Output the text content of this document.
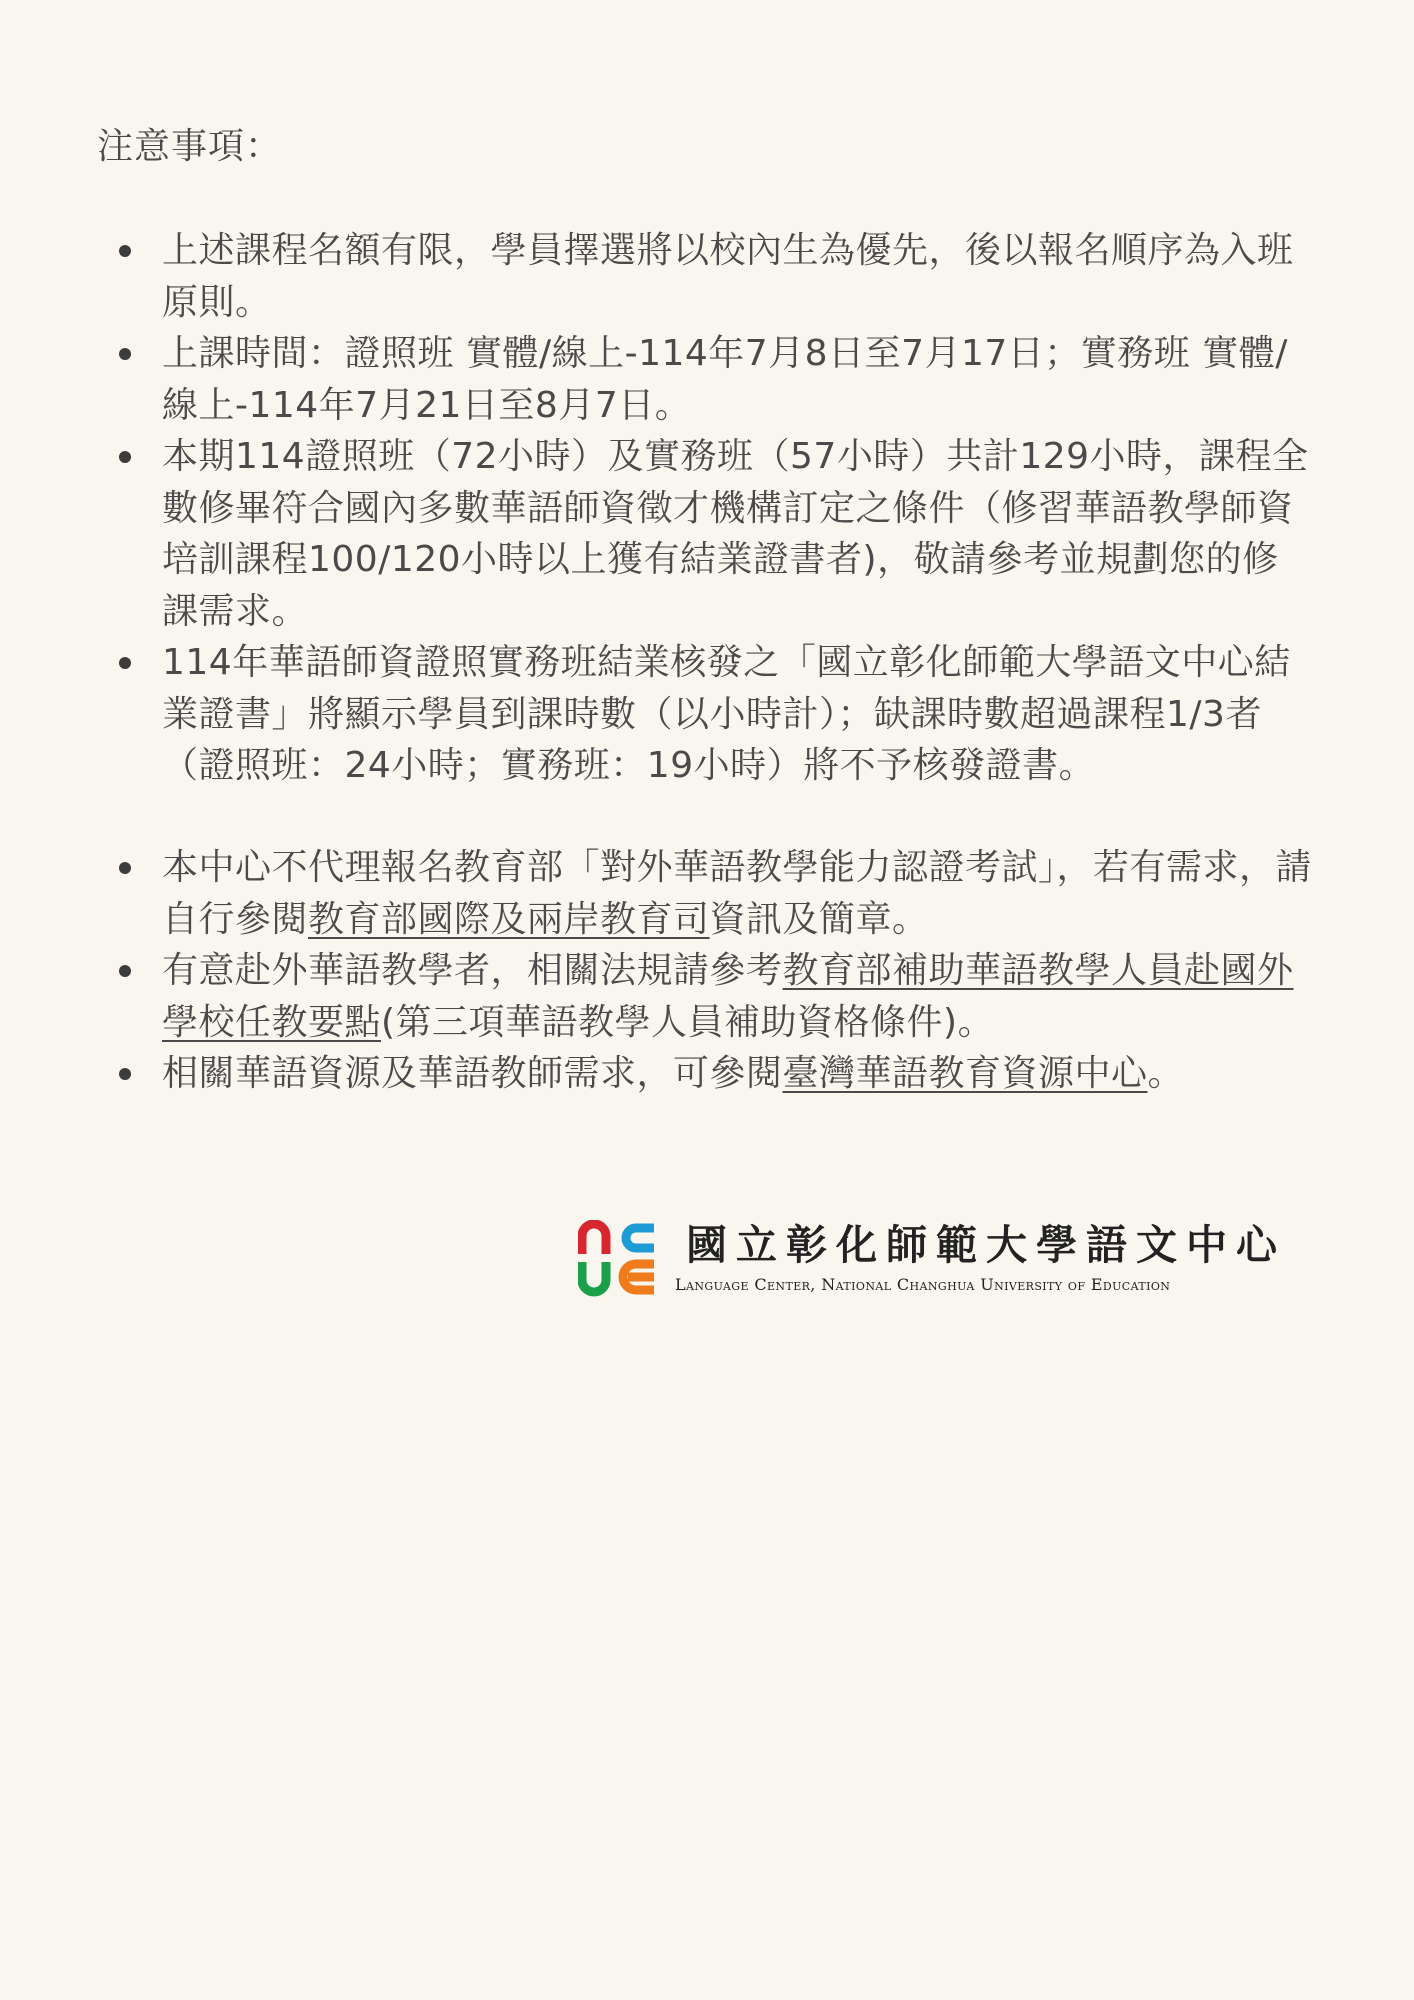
注意事項：
上述課程名額有限，學員擇選將以校內生為優先，後以報名順序為入班原則。
上課時間：證照班 實體/線上-114年7月8日至7月17日；實務班 實體/線上-114年7月21日至8月7日。
本期114證照班（72小時）及實務班（57小時）共計129小時，課程全數修畢符合國內多數華語師資徵才機構訂定之條件（修習華語教學師資培訓課程100/120小時以上獲有結業證書者)，敬請參考並規劃您的修課需求。
114年華語師資證照實務班結業核發之「國立彰化師範大學語文中心結業證書」將顯示學員到課時數（以小時計）；缺課時數超過課程1/3者（證照班：24小時；實務班：19小時）將不予核發證書。
本中心不代理報名教育部「對外華語教學能力認證考試」，若有需求，請自行參閱教育部國際及兩岸教育司資訊及簡章。
有意赴外華語教學者，相關法規請參考教育部補助華語教學人員赴國外學校任教要點(第三項華語教學人員補助資格條件)。
相關華語資源及華語教師需求，可參閱臺灣華語教育資源中心。
國立彰化師範大學語文中心
Language Center, National Changhua University of Education
